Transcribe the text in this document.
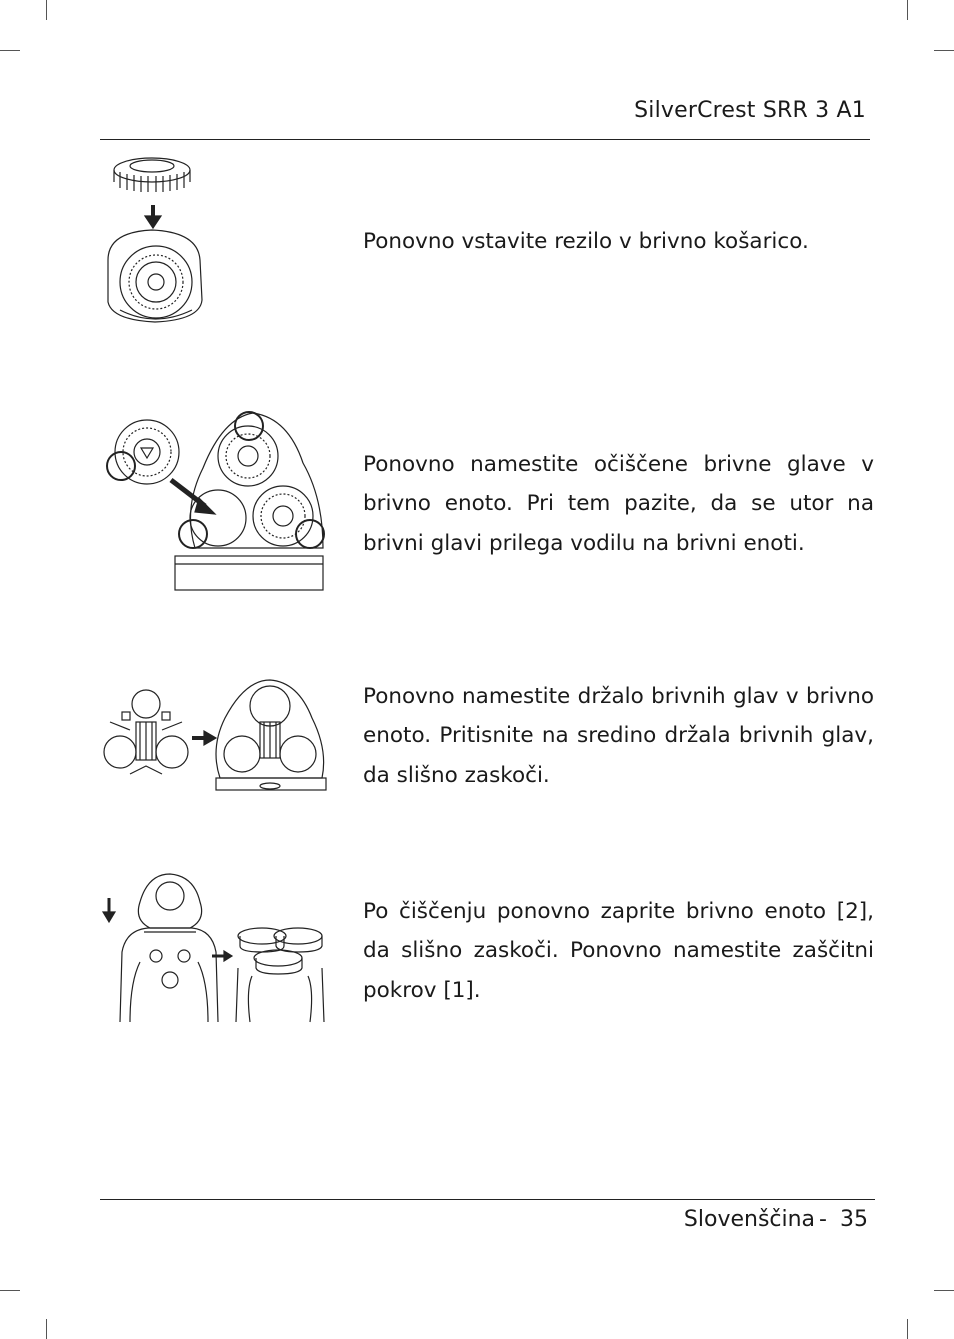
SilverCrest SRR 3 A1
Ponovno vstavite rezilo v brivno košarico.
Ponovno namestite očiščene brivne glave v brivno enoto. Pri tem pazite, da se utor na brivni glavi prilega vodilu na brivni enoti.
Ponovno namestite držalo brivnih glav v brivno enoto. Pritisnite na sredino držala brivnih glav, da slišno zaskoči.
Po čiščenju ponovno zaprite brivno enoto [2], da slišno zaskoči. Ponovno namestite zaščitni pokrov [1].
Slovenščina - 35
